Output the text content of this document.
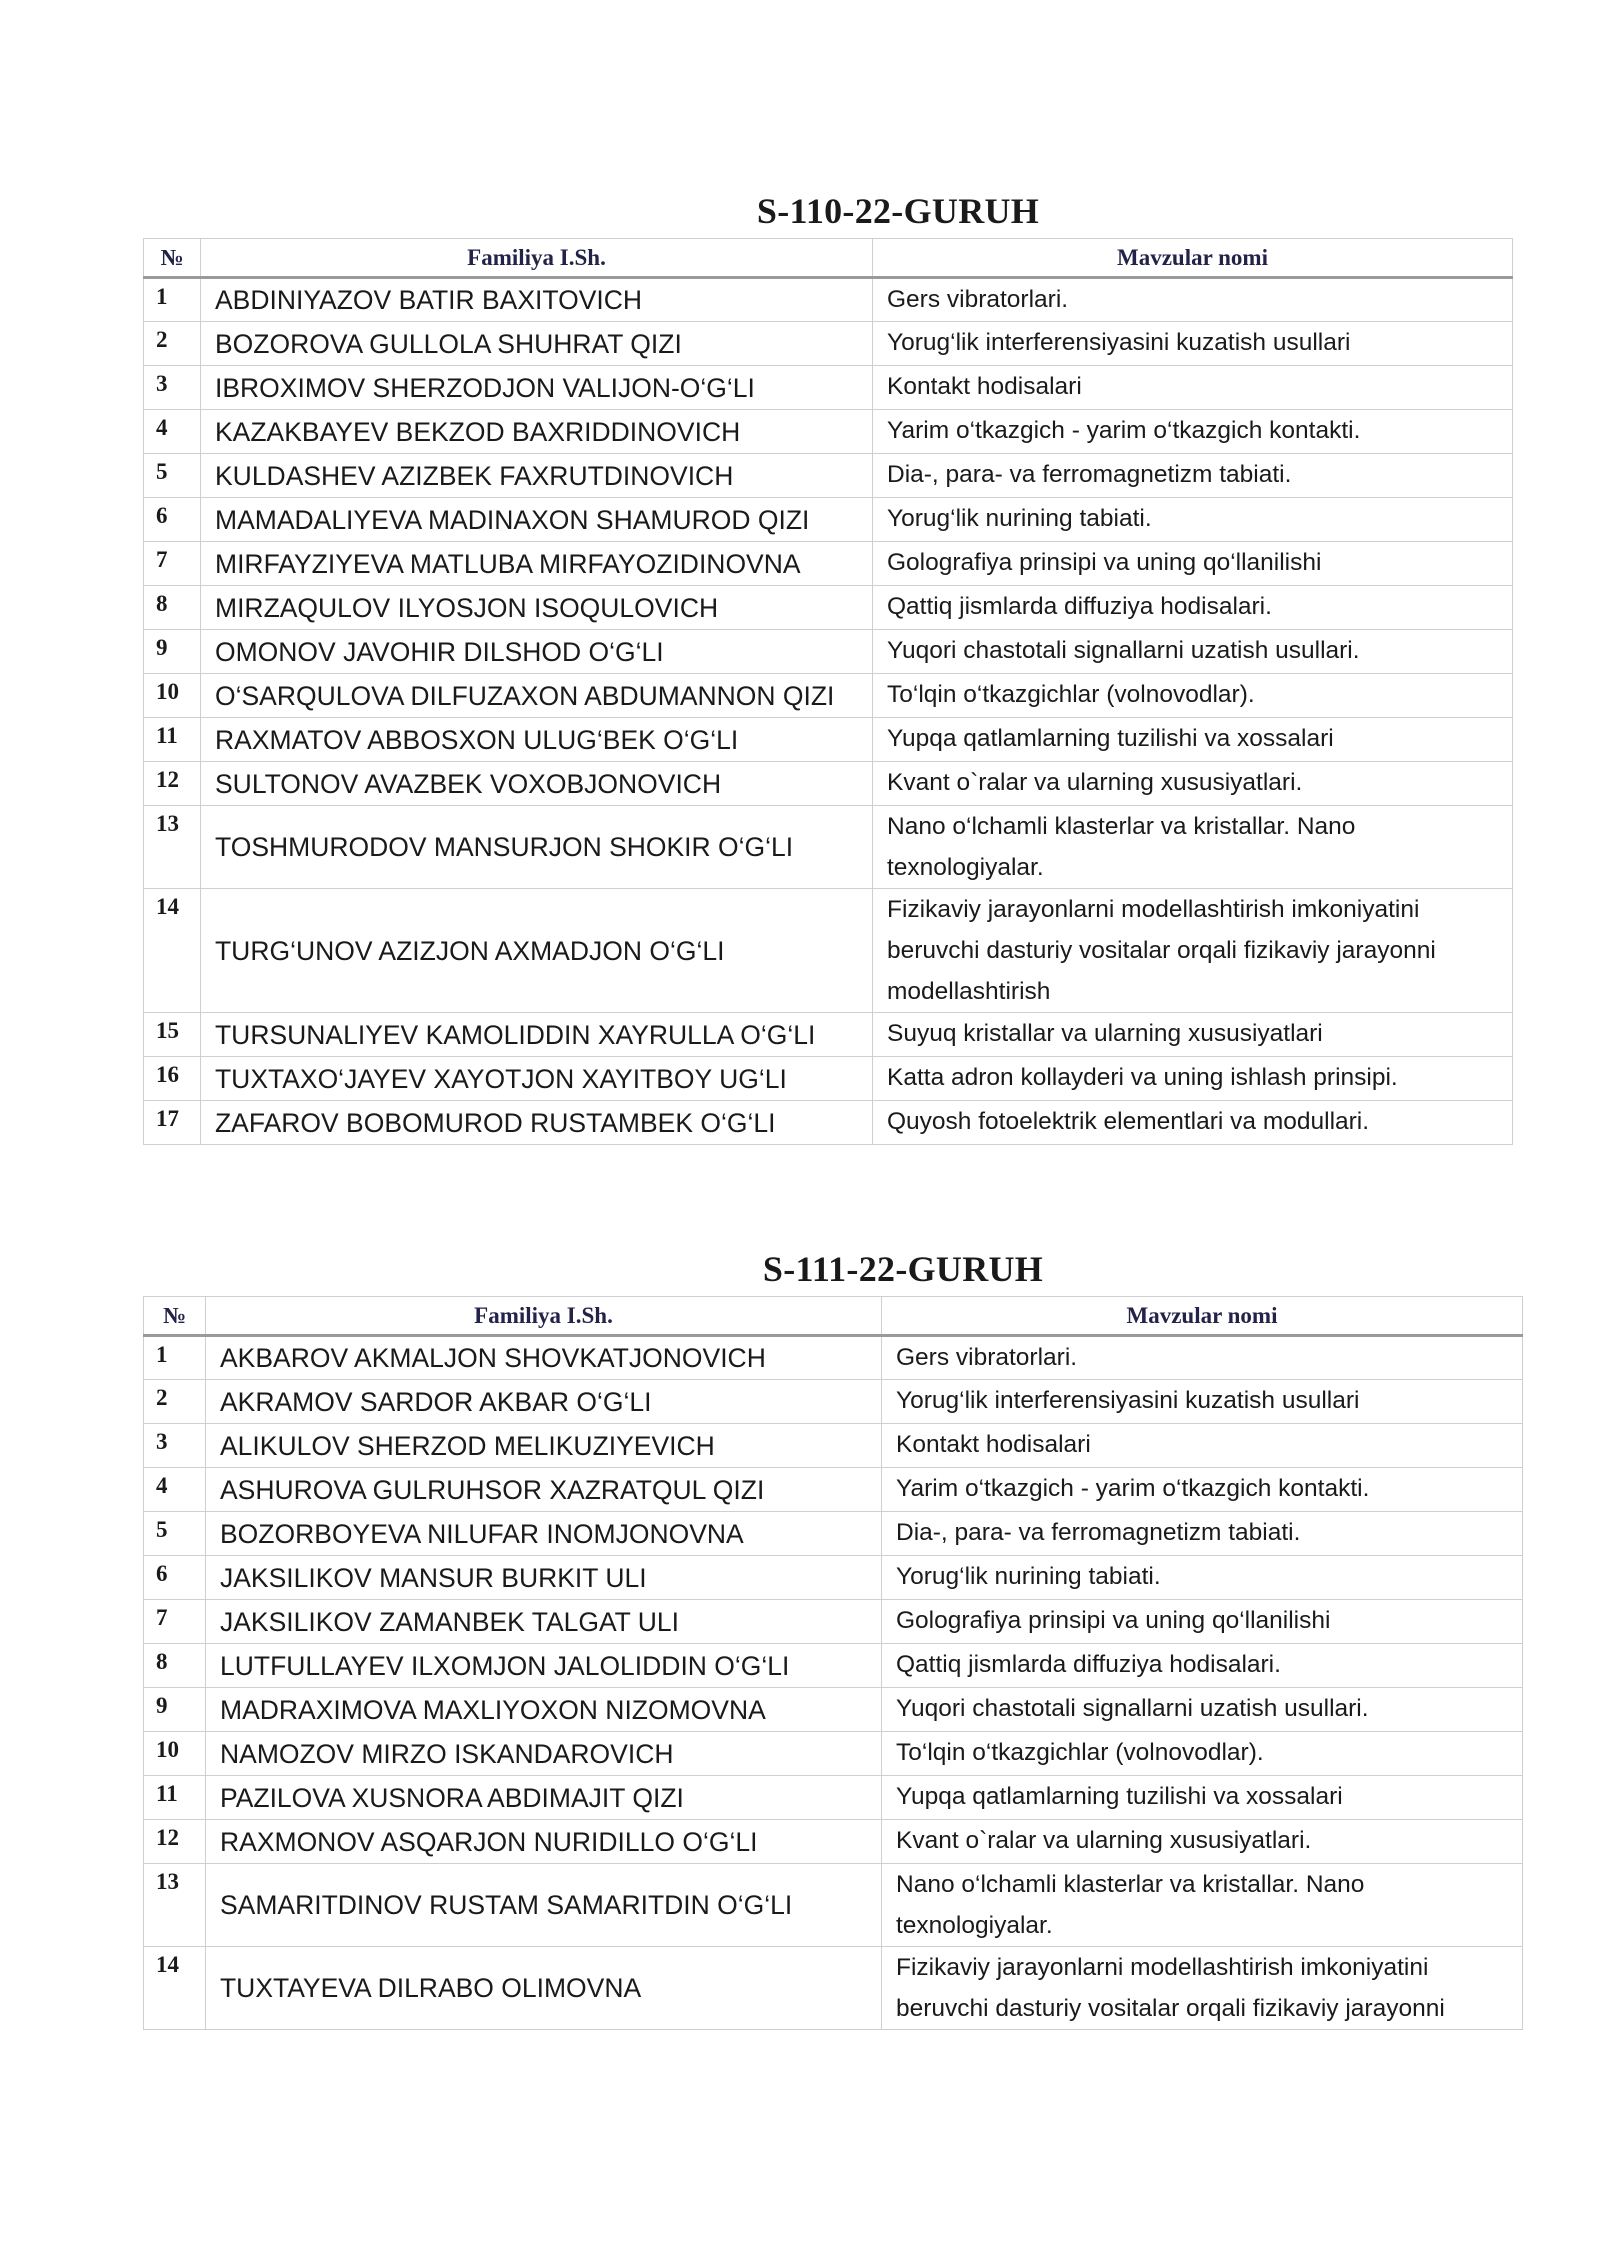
S-110-22-GURUH
№	Familiya I.Sh.	Mavzular nomi
1	ABDINIYAZOV BATIR BAXITOVICH	Gers vibratorlari.
2	BOZOROVA GULLOLA SHUHRAT QIZI	Yorug‘lik interferensiyasini kuzatish usullari
3	IBROXIMOV SHERZODJON VALIJON-O‘G‘LI	Kontakt hodisalari
4	KAZAKBAYEV BEKZOD BAXRIDDINOVICH	Yarim o‘tkazgich - yarim o‘tkazgich kontakti.
5	KULDASHEV AZIZBEK FAXRUTDINOVICH	Dia-, para- va ferromagnetizm tabiati.
6	MAMADALIYEVA MADINAXON SHAMUROD QIZI	Yorug‘lik nurining tabiati.
7	MIRFAYZIYEVA MATLUBA MIRFAYOZIDINOVNA	Golografiya prinsipi va uning qo‘llanilishi
8	MIRZAQULOV ILYOSJON ISOQULOVICH	Qattiq jismlarda diffuziya hodisalari.
9	OMONOV JAVOHIR DILSHOD O‘G‘LI	Yuqori chastotali signallarni uzatish usullari.
10	O‘SARQULOVA DILFUZAXON ABDUMANNON QIZI	To‘lqin o‘tkazgichlar (volnovodlar).
11	RAXMATOV ABBOSXON ULUG‘BEK O‘G‘LI	Yupqa qatlamlarning tuzilishi va xossalari
12	SULTONOV AVAZBEK VOXOBJONOVICH	Kvant o`ralar va ularning xususiyatlari.
13	TOSHMURODOV MANSURJON SHOKIR O‘G‘LI	Nano o‘lchamli klasterlar va kristallar. Nano texnologiyalar.
14	TURG‘UNOV AZIZJON AXMADJON O‘G‘LI	Fizikaviy jarayonlarni modellashtirish imkoniyatini beruvchi dasturiy vositalar orqali fizikaviy jarayonni modellashtirish
15	TURSUNALIYEV KAMOLIDDIN XAYRULLA O‘G‘LI	Suyuq kristallar va ularning xususiyatlari
16	TUXTAXO‘JAYEV XAYOTJON XAYITBOY UG‘LI	Katta adron kollayderi va uning ishlash prinsipi.
17	ZAFAROV BOBOMUROD RUSTAMBEK O‘G‘LI	Quyosh fotoelektrik elementlari va modullari.
S-111-22-GURUH
№	Familiya I.Sh.	Mavzular nomi
1	AKBAROV AKMALJON SHOVKATJONOVICH	Gers vibratorlari.
2	AKRAMOV SARDOR AKBAR O‘G‘LI	Yorug‘lik interferensiyasini kuzatish usullari
3	ALIKULOV SHERZOD MELIKUZIYEVICH	Kontakt hodisalari
4	ASHUROVA GULRUHSOR XAZRATQUL QIZI	Yarim o‘tkazgich - yarim o‘tkazgich kontakti.
5	BOZORBOYEVA NILUFAR INOMJONOVNA	Dia-, para- va ferromagnetizm tabiati.
6	JAKSILIKOV MANSUR BURKIT ULI	Yorug‘lik nurining tabiati.
7	JAKSILIKOV ZAMANBEK TALGAT ULI	Golografiya prinsipi va uning qo‘llanilishi
8	LUTFULLAYEV ILXOMJON JALOLIDDIN O‘G‘LI	Qattiq jismlarda diffuziya hodisalari.
9	MADRAXIMOVA MAXLIYOXON NIZOMOVNA	Yuqori chastotali signallarni uzatish usullari.
10	NAMOZOV MIRZO ISKANDAROVICH	To‘lqin o‘tkazgichlar (volnovodlar).
11	PAZILOVA XUSNORA ABDIMAJIT QIZI	Yupqa qatlamlarning tuzilishi va xossalari
12	RAXMONOV ASQARJON NURIDILLO O‘G‘LI	Kvant o`ralar va ularning xususiyatlari.
13	SAMARITDINOV RUSTAM SAMARITDIN O‘G‘LI	Nano o‘lchamli klasterlar va kristallar. Nano texnologiyalar.
14	TUXTAYEVA DILRABO OLIMOVNA	Fizikaviy jarayonlarni modellashtirish imkoniyatini beruvchi dasturiy vositalar orqali fizikaviy jarayonni
